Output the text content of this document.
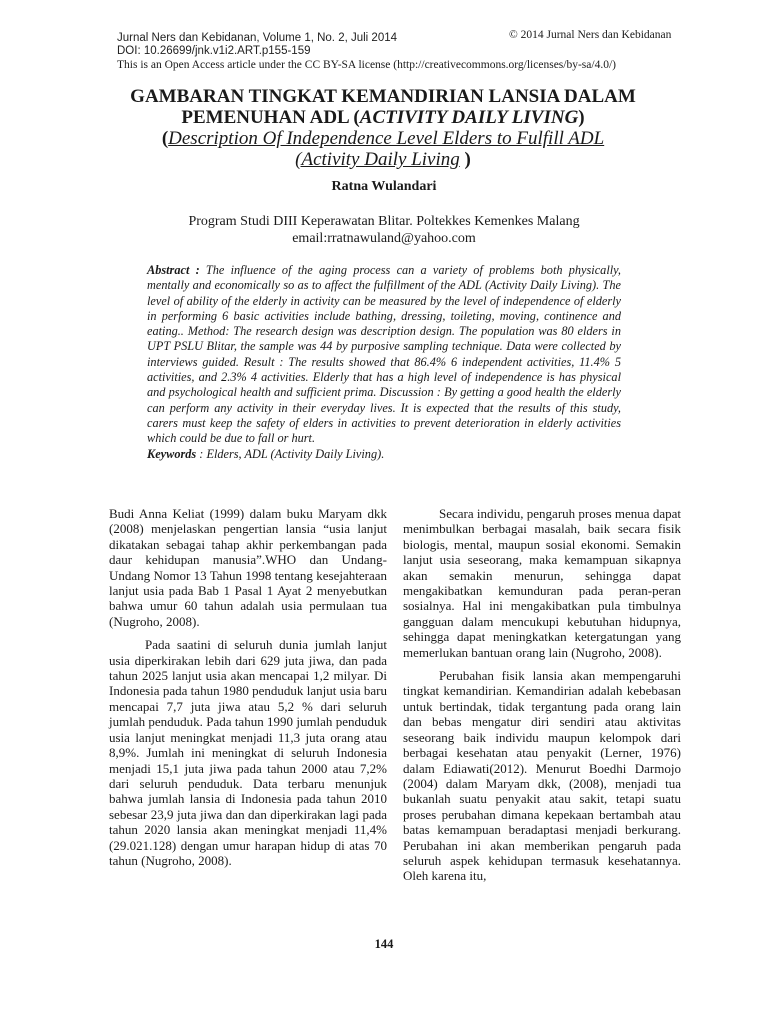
Jurnal Ners dan Kebidanan, Volume 1, No. 2, Juli 2014
DOI: 10.26699/jnk.v1i2.ART.p155-159
© 2014 Jurnal Ners dan Kebidanan
This is an Open Access article under the CC BY-SA license (http://creativecommons.org/licenses/by-sa/4.0/)
GAMBARAN TINGKAT KEMANDIRIAN LANSIA DALAM
PEMENUHAN ADL (ACTIVITY DAILY LIVING)
(Description Of Independence Level Elders to Fulfill ADL
(Activity Daily Living )
Ratna Wulandari
Program Studi DIII Keperawatan Blitar. Poltekkes Kemenkes Malang
email:rratnawuland@yahoo.com
Abstract : The influence of the aging process can a variety of problems both physically, mentally and economically so as to affect the fulfillment of the ADL (Activity Daily Living). The level of ability of the elderly in activity can be measured by the level of independence of elderly in performing 6 basic activities include bathing, dressing, toileting, moving, continence and eating.. Method: The research design was description design. The population was 80 elders in UPT PSLU Blitar, the sample was 44 by purposive sampling technique. Data were collected by interviews guided. Result : The results showed that 86.4% 6 independent activities, 11.4% 5 activities, and 2.3% 4 activities. Elderly that has a high level of independence is has physical and psychological health and sufficient prima. Discussion : By getting a good health the elderly can perform any activity in their everyday lives. It is expected that the results of this study, carers must keep the safety of elders in activities to prevent deterioration in elderly activities which could be due to fall or hurt.
Keywords : Elders, ADL (Activity Daily Living).

Budi Anna Keliat (1999) dalam buku Maryam dkk (2008) menjelaskan pengertian lansia “usia lanjut dikatakan sebagai tahap akhir perkembangan pada daur kehidupan manusia”.WHO dan Undang-Undang Nomor 13 Tahun 1998 tentang kesejahteraan lanjut usia pada Bab 1 Pasal 1 Ayat 2 menyebutkan bahwa umur 60 tahun adalah usia permulaan tua (Nugroho, 2008).

Pada saatini di seluruh dunia jumlah lanjut usia diperkirakan lebih dari 629 juta jiwa, dan pada tahun 2025 lanjut usia akan mencapai 1,2 milyar. Di Indonesia pada tahun 1980 penduduk lanjut usia baru mencapai 7,7 juta jiwa atau 5,2 % dari seluruh jumlah penduduk. Pada tahun 1990 jumlah penduduk usia lanjut meningkat menjadi 11,3 juta orang atau 8,9%. Jumlah ini meningkat di seluruh Indonesia menjadi 15,1 juta jiwa pada tahun 2000 atau 7,2% dari seluruh penduduk. Data terbaru menunjuk bahwa jumlah lansia di Indonesia pada tahun 2010 sebesar 23,9 juta jiwa dan dan diperkirakan lagi pada tahun 2020 lansia akan meningkat menjadi 11,4% (29.021.128) dengan umur harapan hidup di atas 70 tahun (Nugroho, 2008).

Secara individu, pengaruh proses menua dapat menimbulkan berbagai masalah, baik secara fisik biologis, mental, maupun sosial ekonomi. Semakin lanjut usia seseorang, maka kemampuan sikapnya akan semakin menurun, sehingga dapat mengakibatkan kemunduran pada peran-peran sosialnya. Hal ini mengakibatkan pula timbulnya gangguan dalam mencukupi kebutuhan hidupnya, sehingga dapat meningkatkan ketergatungan yang memerlukan bantuan orang lain (Nugroho, 2008).

Perubahan fisik lansia akan mempengaruhi tingkat kemandirian. Kemandirian adalah kebebasan untuk bertindak, tidak tergantung pada orang lain dan bebas mengatur diri sendiri atau aktivitas seseorang baik individu maupun kelompok dari berbagai kesehatan atau penyakit (Lerner, 1976) dalam Ediawati(2012). Menurut Boedhi Darmojo (2004) dalam Maryam dkk, (2008), menjadi tua bukanlah suatu penyakit atau sakit, tetapi suatu proses perubahan dimana kepekaan bertambah atau batas kemampuan beradaptasi menjadi berkurang. Perubahan ini akan memberikan pengaruh pada seluruh aspek kehidupan termasuk kesehatannya. Oleh karena itu,

144
